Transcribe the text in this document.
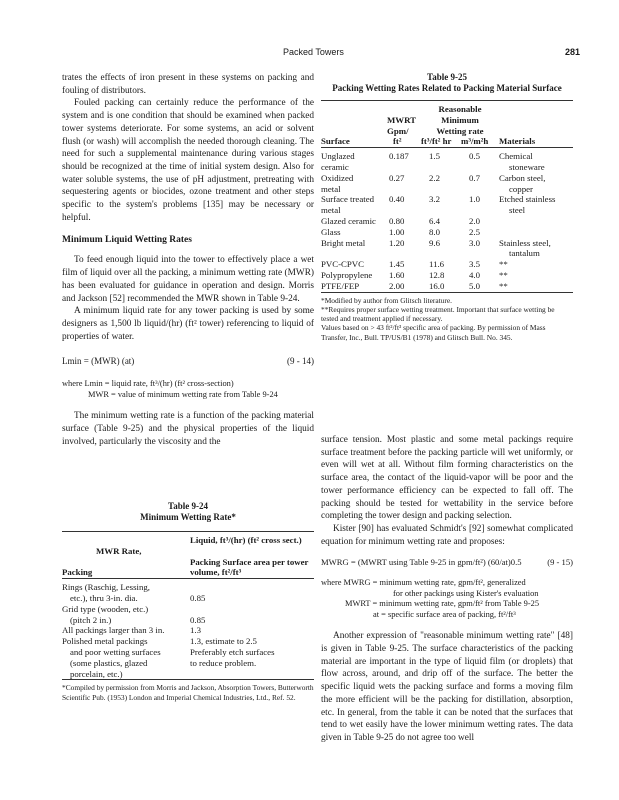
Packed Towers	281

trates the effects of iron present in these systems on packing and fouling of distributors.

Fouled packing can certainly reduce the performance of the system and is one condition that should be examined when packed tower systems deteriorate. For some systems, an acid or solvent flush (or wash) will accomplish the needed thorough cleaning. The need for such a supplemental maintenance during various stages should be recognized at the time of initial system design. Also for water soluble systems, the use of pH adjustment, pretreating with sequestering agents or biocides, ozone treatment and other steps specific to the system's problems [135] may be necessary or helpful.

Minimum Liquid Wetting Rates

To feed enough liquid into the tower to effectively place a wet film of liquid over all the packing, a minimum wetting rate (MWR) has been evaluated for guidance in operation and design. Morris and Jackson [52] recommended the MWR shown in Table 9-24.

A minimum liquid rate for any tower packing is used by some designers as 1,500 lb liquid/(hr) (ft² tower) referencing to liquid of properties of water.

Lmin = (MWR) (at)	(9 - 14)
where Lmin = liquid rate, ft³/(hr) (ft² cross-section)
MWR = value of minimum wetting rate from Table 9-24

The minimum wetting rate is a function of the packing material surface (Table 9-25) and the physical properties of the liquid involved, particularly the viscosity and the

Table 9-24
Minimum Wetting Rate*
	Liquid, ft³/(hr) (ft² cross sect.)
MWR Rate,	
Packing	Packing Surface area per tower volume, ft²/ft³

Rings (Raschig, Lessing,	
etc.), thru 3-in. dia.	0.85
Grid type (wooden, etc.)	
(pitch 2 in.)	0.85
All packings larger than 3 in.	1.3
Polished metal packings	1.3, estimate to 2.5
and poor wetting surfaces	Preferably etch surfaces
(some plastics, glazed	to reduce problem.
porcelain, etc.)	

*Compiled by permission from Morris and Jackson, Absorption Towers, Butterworth Scientific Pub. (1953) London and Imperial Chemical Industries, Ltd., Ref. 52.
Table 9-25
Packing Wetting Rates Related to Packing Material Surface
		Reasonable		
	MWRT	Minimum		
	Gpm/	Wetting rate		
Surface	ft²	ft³/ft² hr	m³/m²h	Materials

Unglazed	0.187	1.5	0.5	Chemical
ceramic				stoneware
Oxidized	0.27	2.2	0.7	Carbon steel,
metal				copper
Surface treated	0.40	3.2	1.0	Etched stainless
metal				steel
Glazed ceramic	0.80	6.4	2.0	
Glass	1.00	8.0	2.5	
Bright metal	1.20	9.6	3.0	Stainless steel,
				tantalum
PVC-CPVC	1.45	11.6	3.5	**
Polypropylene	1.60	12.8	4.0	**
PTFE/FEP	2.00	16.0	5.0	**

*Modified by author from Glitsch literature.
**Requires proper surface wetting treatment. Important that surface wetting be tested and treatment applied if necessary.
Values based on > 43 ft²/ft³ specific area of packing. By permission of Mass Transfer, Inc., Bull. TP/US/B1 (1978) and Glitsch Bull. No. 345.

surface tension. Most plastic and some metal packings require surface treatment before the packing particle will wet uniformly, or even will wet at all. Without film forming characteristics on the surface area, the contact of the liquid-vapor will be poor and the tower performance efficiency can be expected to fall off. The packing should be tested for wettability in the service before completing the tower design and packing selection.

Kister [90] has evaluated Schmidt's [92] somewhat complicated equation for minimum wetting rate and proposes:

MWRG = (MWRT using Table 9-25 in gpm/ft²) (60/at)0.5	(9 - 15)
where MWRG = minimum wetting rate, gpm/ft², generalized
for other packings using Kister's evaluation
MWRT = minimum wetting rate, gpm/ft² from Table 9-25
at = specific surface area of packing, ft²/ft³

Another expression of "reasonable minimum wetting rate" [48] is given in Table 9-25. The surface characteristics of the packing material are important in the type of liquid film (or droplets) that flow across, around, and drip off of the surface. The better the specific liquid wets the packing surface and forms a moving film the more efficient will be the packing for distillation, absorption, etc. In general, from the table it can be noted that the surfaces that tend to wet easily have the lower minimum wetting rates. The data given in Table 9-25 do not agree too well
